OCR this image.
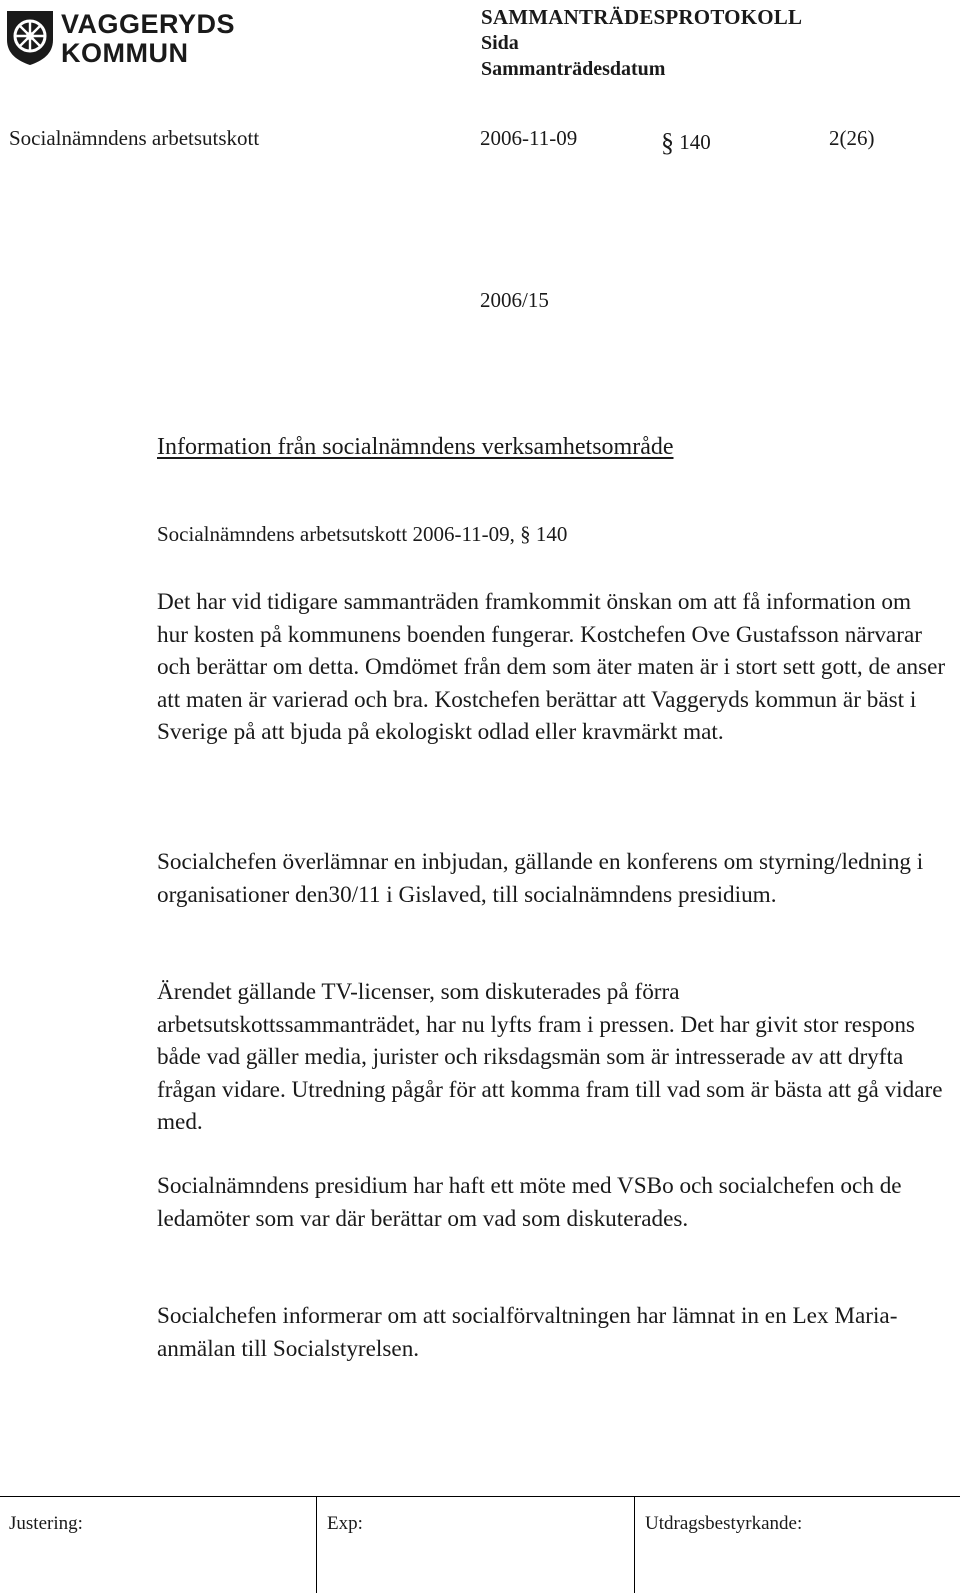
VAGGERYDS
KOMMUN
SAMMANTRÄDESPROTOKOLL
Sida
Sammanträdesdatum
Socialnämndens arbetsutskott	2006-11-09	§ 140	2(26)
2006/15
Information från socialnämndens verksamhetsområde
Socialnämndens arbetsutskott 2006-11-09, § 140

Det har vid tidigare sammanträden framkommit önskan om att få information om hur kosten på kommunens boenden fungerar. Kostchefen Ove Gustafsson närvarar och berättar om detta. Omdömet från dem som äter maten är i stort sett gott, de anser att maten är varierad och bra. Kostchefen berättar att Vaggeryds kommun är bäst i Sverige på att bjuda på ekologiskt odlad eller kravmärkt mat.

Socialchefen överlämnar en inbjudan, gällande en konferens om styrning/ledning i organisationer den30/11 i Gislaved, till socialnämndens presidium.

Ärendet gällande TV-licenser, som diskuterades på förra arbetsutskottssammanträdet, har nu lyfts fram i pressen. Det har givit stor respons både vad gäller media, jurister och riksdagsmän som är intresserade av att dryfta frågan vidare. Utredning pågår för att komma fram till vad som är bästa att gå vidare med.

Socialnämndens presidium har haft ett möte med VSBo och socialchefen och de ledamöter som var där berättar om vad som diskuterades.

Socialchefen informerar om att socialförvaltningen har lämnat in en Lex Maria-anmälan till Socialstyrelsen.

Justering:	Exp:	Utdragsbestyrkande:
